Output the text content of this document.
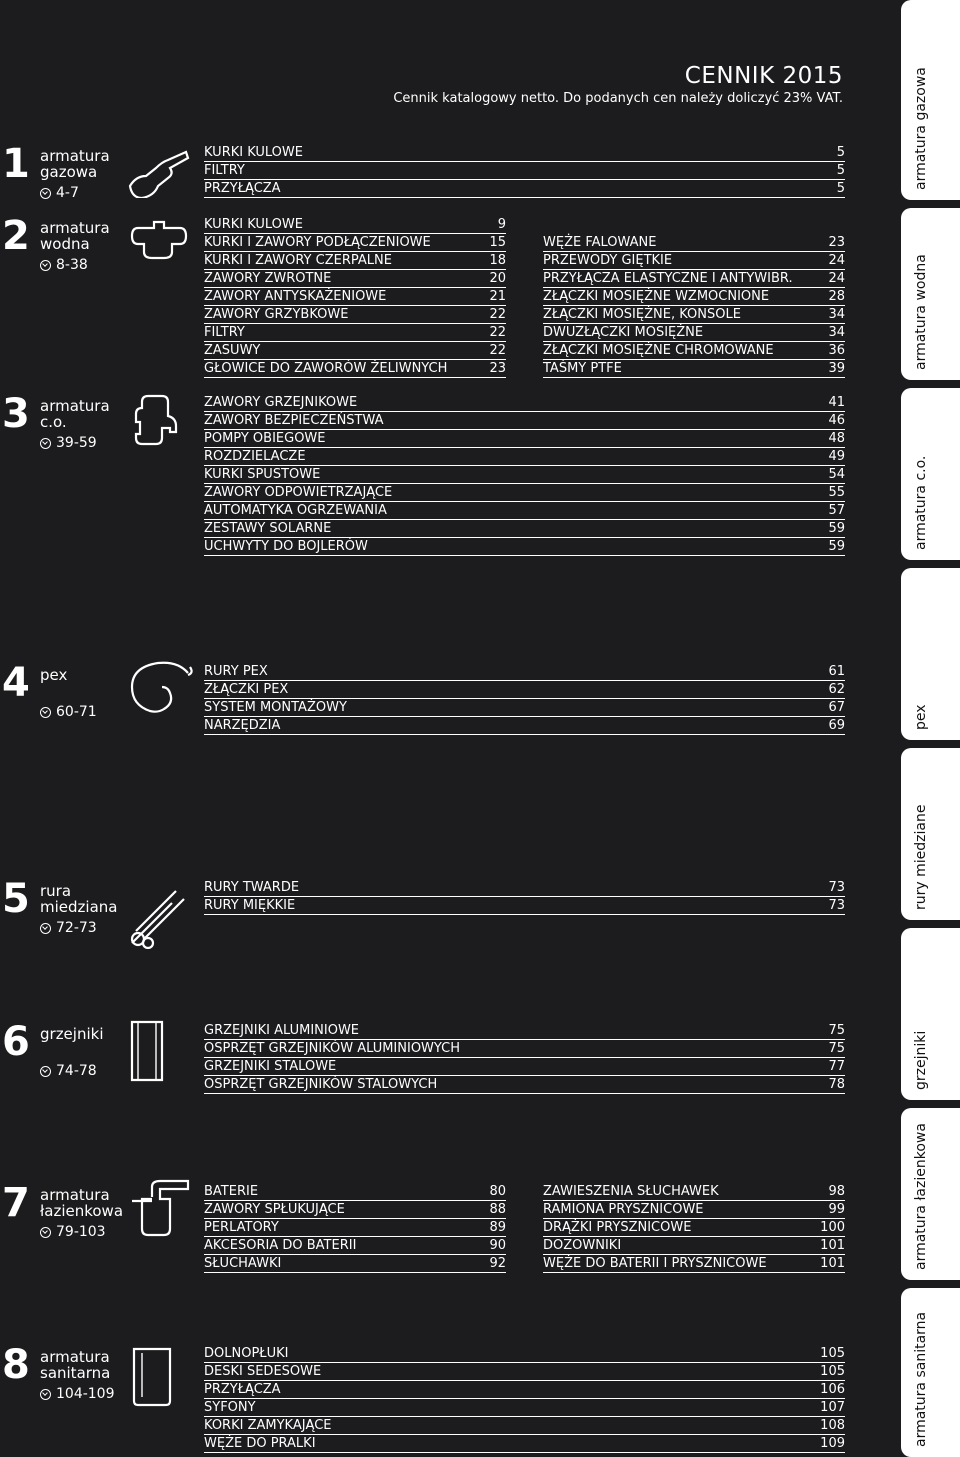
CENNIK 2015
Cennik katalogowy netto. Do podanych cen należy doliczyć 23% VAT.
1 armatura
gazowa
4-7
KURKI KULOWE	5
FILTRY	5
PRZYŁĄCZA	5
2 armatura
wodna
8-38
KURKI KULOWE	9
KURKI I ZAWORY PODŁĄCZENIOWE	15
KURKI I ZAWORY CZERPALNE	18
ZAWORY ZWROTNE	20
ZAWORY ANTYSKAŻENIOWE	21
ZAWORY GRZYBKOWE	22
FILTRY	22
ZASUWY	22
GŁOWICE DO ZAWORÓW ŻELIWNYCH	23
WĘŻE FALOWANE	23
PRZEWODY GIĘTKIE	24
PRZYŁĄCZA ELASTYCZNE I ANTYWIBR.	24
ZŁĄCZKI MOSIĘŻNE WZMOCNIONE	28
ZŁĄCZKI MOSIĘŻNE, KONSOLE	34
DWUZŁĄCZKI MOSIĘŻNE	34
ZŁĄCZKI MOSIĘŻNE CHROMOWANE	36
TAŚMY PTFE	39
3 armatura
c.o.
39-59
ZAWORY GRZEJNIKOWE	41
ZAWORY BEZPIECZEŃSTWA	46
POMPY OBIEGOWE	48
ROZDZIELACZE	49
KURKI SPUSTOWE	54
ZAWORY ODPOWIETRZAJĄCE	55
AUTOMATYKA OGRZEWANIA	57
ZESTAWY SOLARNE	59
UCHWYTY DO BOJLERÓW	59
4 pex
60-71
RURY PEX	61
ZŁĄCZKI PEX	62
SYSTEM MONTAŻOWY	67
NARZĘDZIA	69
5 rura
miedziana
72-73
RURY TWARDE	73
RURY MIĘKKIE	73
6 grzejniki
74-78
GRZEJNIKI ALUMINIOWE	75
OSPRZĘT GRZEJNIKÓW ALUMINIOWYCH	75
GRZEJNIKI STALOWE	77
OSPRZĘT GRZEJNIKÓW STALOWYCH	78
7 armatura
łazienkowa
79-103
BATERIE	80
ZAWORY SPŁUKUJĄCE	88
PERLATORY	89
AKCESORIA DO BATERII	90
SŁUCHAWKI	92
ZAWIESZENIA SŁUCHAWEK	98
RAMIONA PRYSZNICOWE	99
DRĄŻKI PRYSZNICOWE	100
DOZOWNIKI	101
WĘŻE DO BATERII I PRYSZNICOWE	101
8 armatura
sanitarna
104-109
DOLNOPŁUKI	105
DESKI SEDESOWE	105
PRZYŁĄCZA	106
SYFONY	107
KORKI ZAMYKAJĄCE	108
WĘŻE DO PRALKI	109
armatura gazowa
armatura wodna
armatura c.o.
pex
rury miedziane
grzejniki
armatura łazienkowa
armatura sanitarna
